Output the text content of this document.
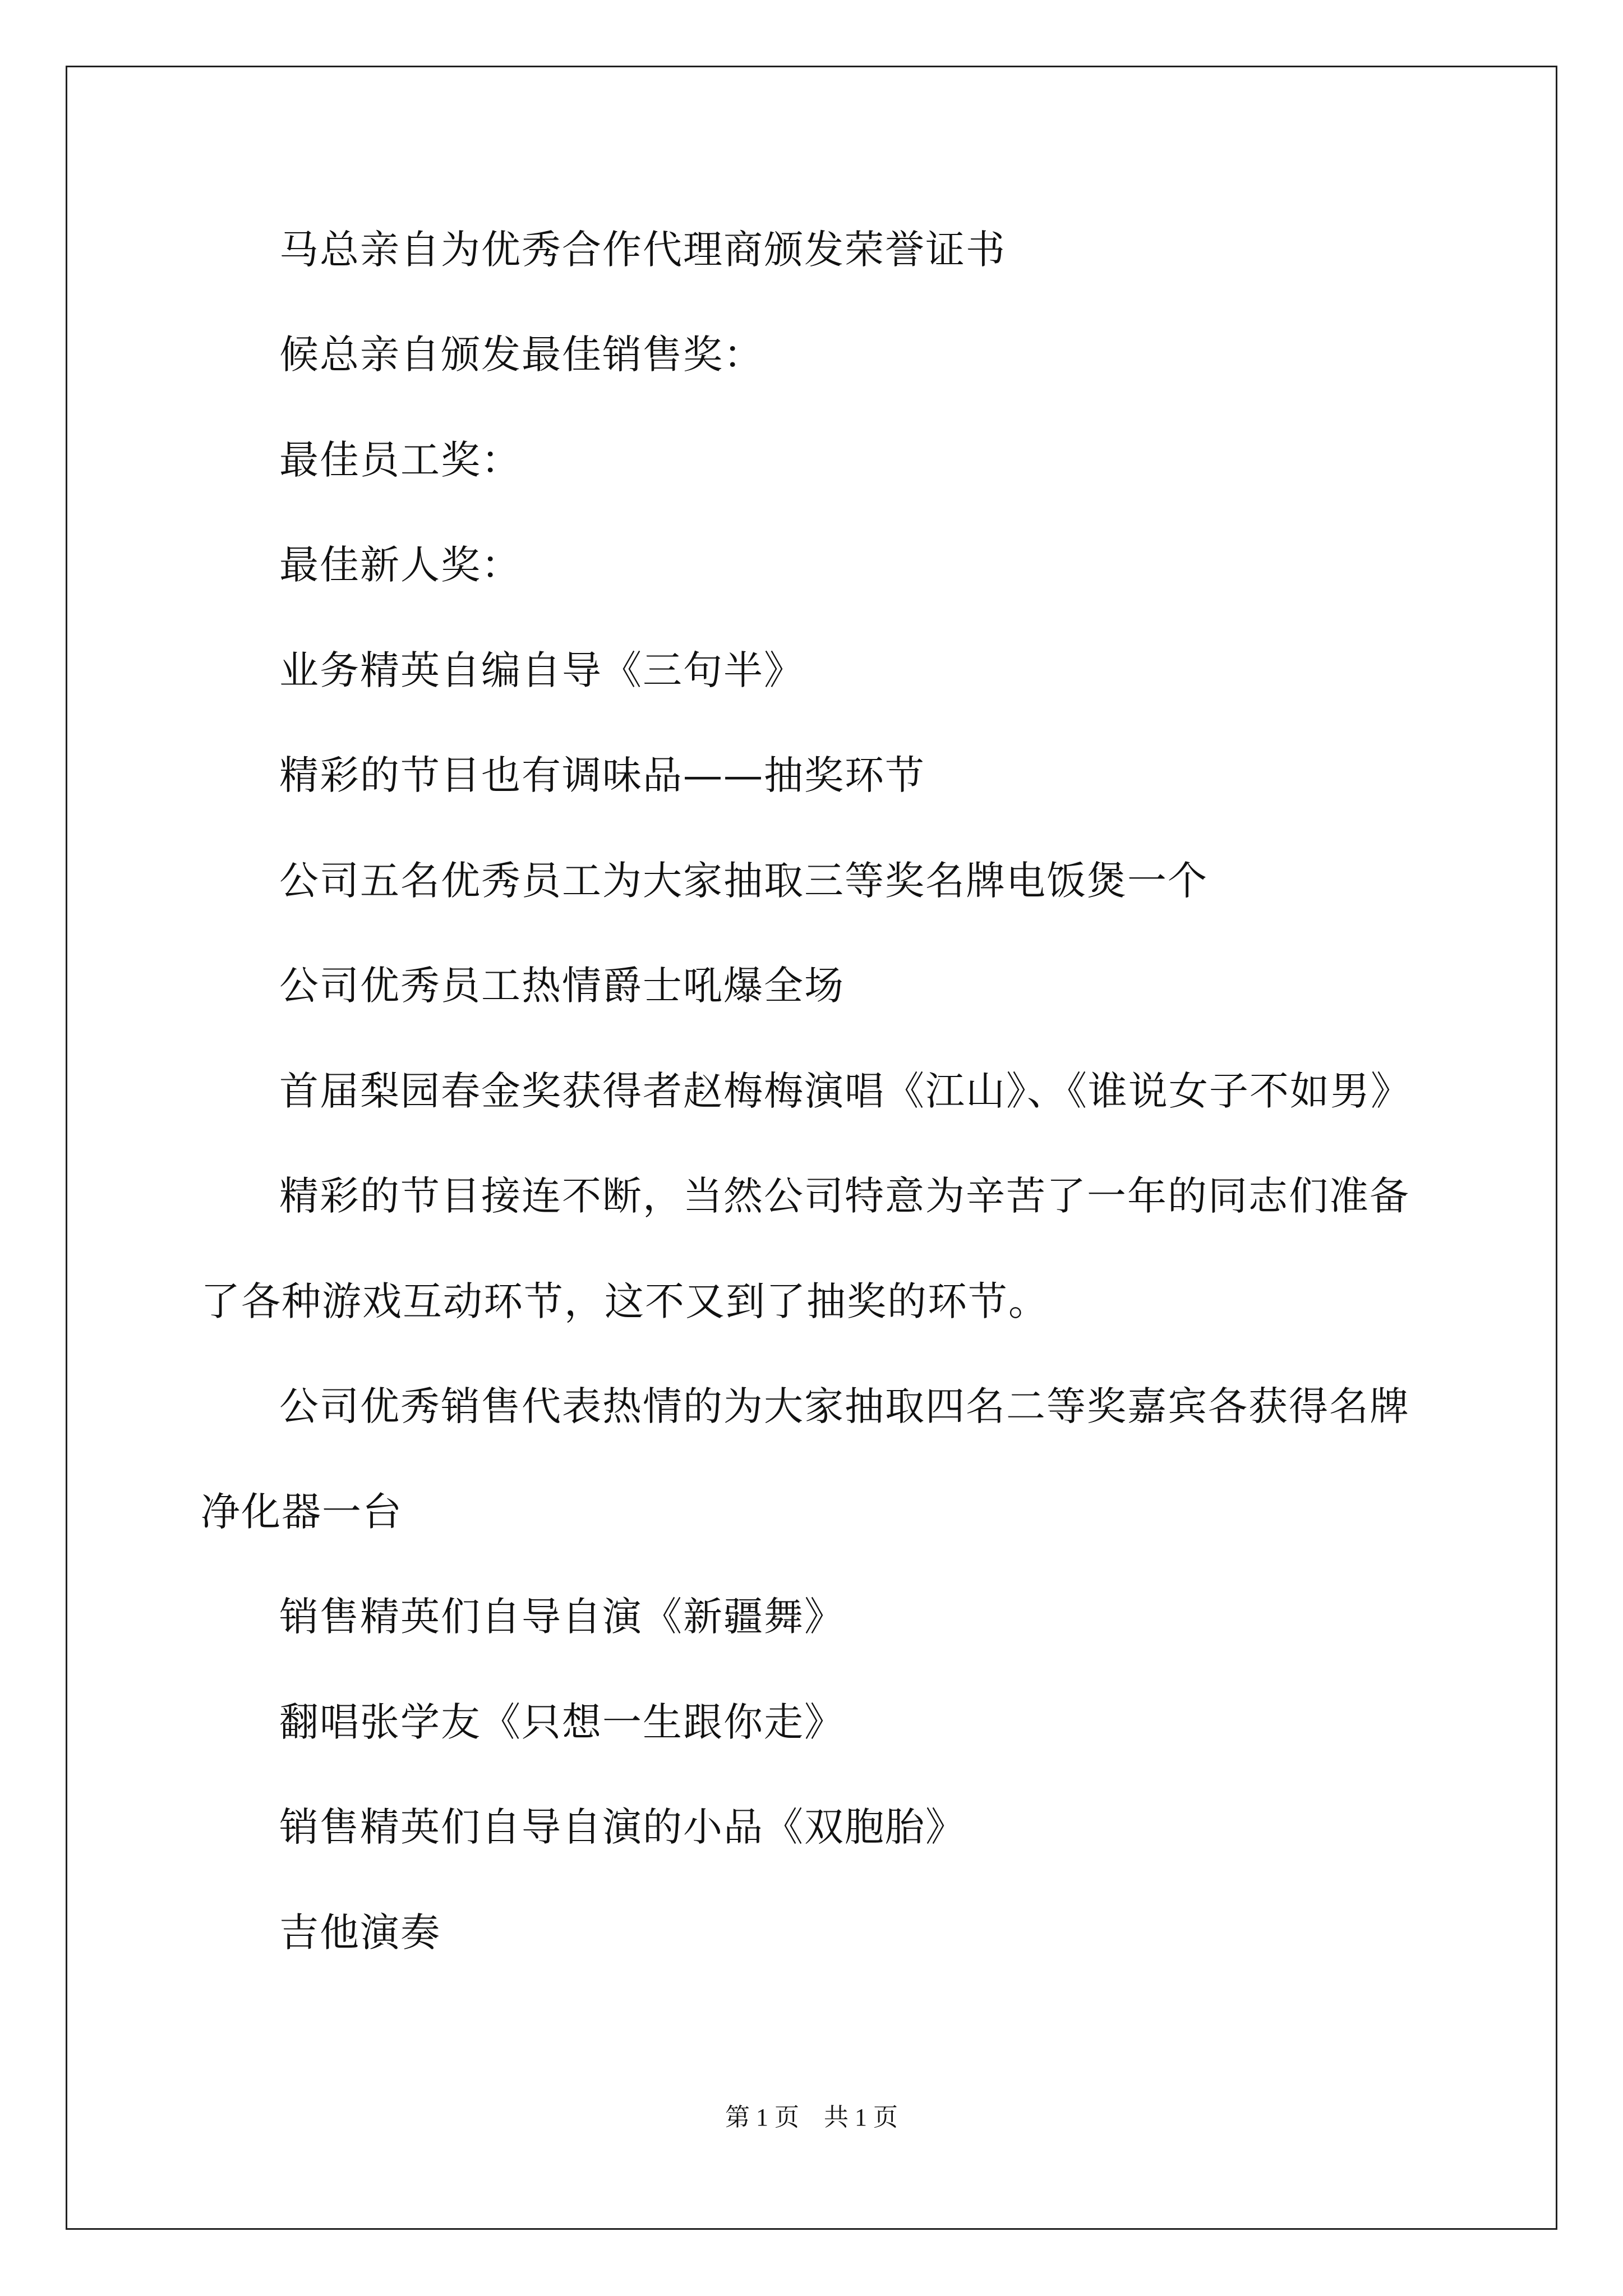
马总亲自为优秀合作代理商颁发荣誉证书
候总亲自颁发最佳销售奖：
最佳员工奖：
最佳新人奖：
业务精英自编自导《三句半》
精彩的节目也有调味品——抽奖环节
公司五名优秀员工为大家抽取三等奖名牌电饭煲一个
公司优秀员工热情爵士吼爆全场
首届梨园春金奖获得者赵梅梅演唱《江山》、《谁说女子不如男》
精彩的节目接连不断，当然公司特意为辛苦了一年的同志们准备
了各种游戏互动环节，这不又到了抽奖的环节。
公司优秀销售代表热情的为大家抽取四名二等奖嘉宾各获得名牌
净化器一台
销售精英们自导自演《新疆舞》
翻唱张学友《只想一生跟你走》
销售精英们自导自演的小品《双胞胎》
吉他演奏
第 1 页　共 1 页
